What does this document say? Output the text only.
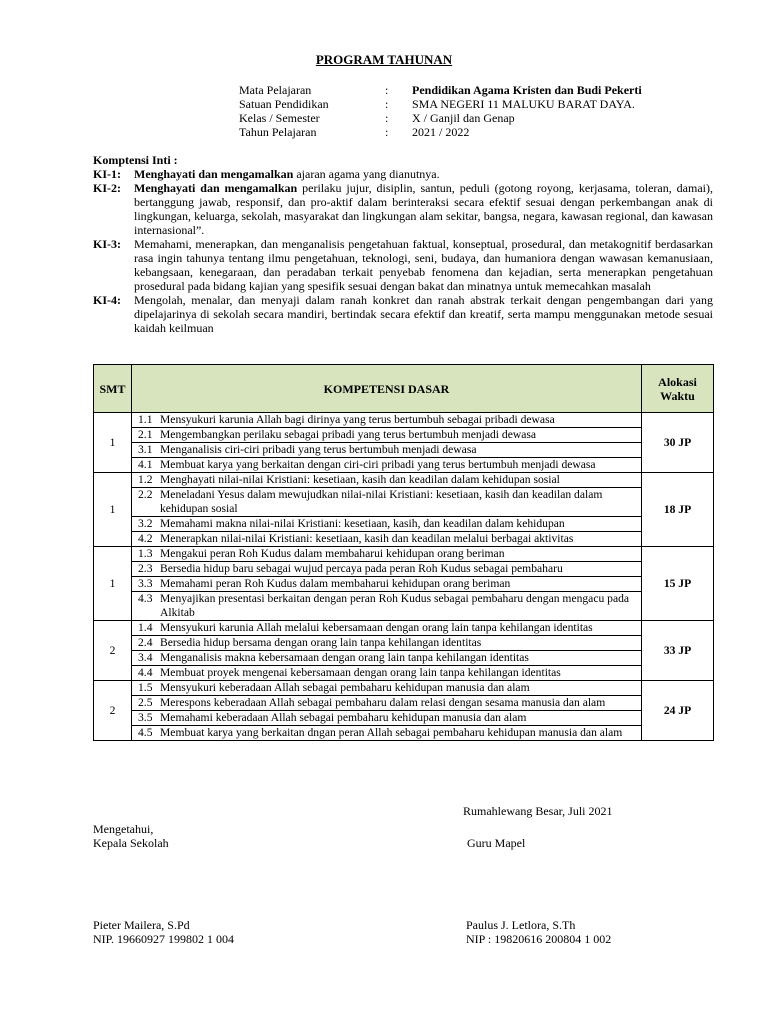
PROGRAM TAHUNAN
Mata Pelajaran	:	Pendidikan Agama Kristen dan Budi Pekerti
Satuan Pendidikan	:	SMA NEGERI 11 MALUKU BARAT DAYA.
Kelas / Semester	:	X / Ganjil dan Genap
Tahun Pelajaran	:	2021 / 2022
Komptensi Inti :
KI-1:	Menghayati dan mengamalkan ajaran agama yang dianutnya.
KI-2:	Menghayati dan mengamalkan perilaku jujur, disiplin, santun, peduli (gotong royong, kerjasama, toleran, damai), bertanggung jawab, responsif, dan pro-aktif dalam berinteraksi secara efektif sesuai dengan perkembangan anak di lingkungan, keluarga, sekolah, masyarakat dan lingkungan alam sekitar, bangsa, negara, kawasan regional, dan kawasan internasional”.
KI-3:	Memahami, menerapkan, dan menganalisis pengetahuan faktual, konseptual, prosedural, dan metakognitif berdasarkan rasa ingin tahunya tentang ilmu pengetahuan, teknologi, seni, budaya, dan humaniora dengan wawasan kemanusiaan, kebangsaan, kenegaraan, dan peradaban terkait penyebab fenomena dan kejadian, serta menerapkan pengetahuan prosedural pada bidang kajian yang spesifik sesuai dengan bakat dan minatnya untuk memecahkan masalah
KI-4:	Mengolah, menalar, dan menyaji dalam ranah konkret dan ranah abstrak terkait dengan pengembangan dari yang dipelajarinya di sekolah secara mandiri, bertindak secara efektif dan kreatif, serta mampu menggunakan metode sesuai kaidah keilmuan
SMT	KOMPETENSI DASAR	Alokasi Waktu

1	1.1 Mensyukuri karunia Allah bagi dirinya yang terus bertumbuh sebagai pribadi dewasa	30 JP

	2.1 Mengembangkan perilaku sebagai pribadi yang terus bertumbuh menjadi dewasa	

	3.1 Menganalisis ciri-ciri pribadi yang terus bertumbuh menjadi dewasa	

	4.1 Membuat karya yang berkaitan dengan ciri-ciri pribadi yang terus bertumbuh menjadi dewasa	

1	1.2 Menghayati nilai-nilai Kristiani: kesetiaan, kasih dan keadilan dalam kehidupan sosial	18 JP

	2.2 Meneladani Yesus dalam mewujudkan nilai-nilai Kristiani: kesetiaan, kasih dan keadilan dalam kehidupan sosial	

	3.2 Memahami makna nilai-nilai Kristiani: kesetiaan, kasih, dan keadilan dalam kehidupan	

	4.2 Menerapkan nilai-nilai Kristiani: kesetiaan, kasih dan keadilan melalui berbagai aktivitas	

1	1.3 Mengakui peran Roh Kudus dalam membaharui kehidupan orang beriman	15 JP

	2.3 Bersedia hidup baru sebagai wujud percaya pada peran Roh Kudus sebagai pembaharu	

	3.3 Memahami peran Roh Kudus dalam membaharui kehidupan orang beriman	

	4.3 Menyajikan presentasi berkaitan dengan peran Roh Kudus sebagai pembaharu dengan mengacu pada Alkitab	

2	1.4 Mensyukuri karunia Allah melalui kebersamaan dengan orang lain tanpa kehilangan identitas	33 JP

	2.4 Bersedia hidup bersama dengan orang lain tanpa kehilangan identitas	

	3.4 Menganalisis makna kebersamaan dengan orang lain tanpa kehilangan identitas	

	4.4 Membuat proyek mengenai kebersamaan dengan orang lain tanpa kehilangan identitas	

2	1.5 Mensyukuri keberadaan Allah sebagai pembaharu kehidupan manusia dan alam	24 JP

	2.5 Merespons keberadaan Allah sebagai pembaharu dalam relasi dengan sesama manusia dan alam	

	3.5 Memahami keberadaan Allah sebagai pembaharu kehidupan manusia dan alam	

	4.5 Membuat karya yang berkaitan dngan peran Allah sebagai pembaharu kehidupan manusia dan alam	
Rumahlewang Besar, Juli 2021
Mengetahui,
Kepala Sekolah	Guru Mapel
Pieter Mailera, S.Pd
NIP. 19660927 199802 1 004
Paulus J. Letlora, S.Th
NIP : 19820616 200804 1 002
